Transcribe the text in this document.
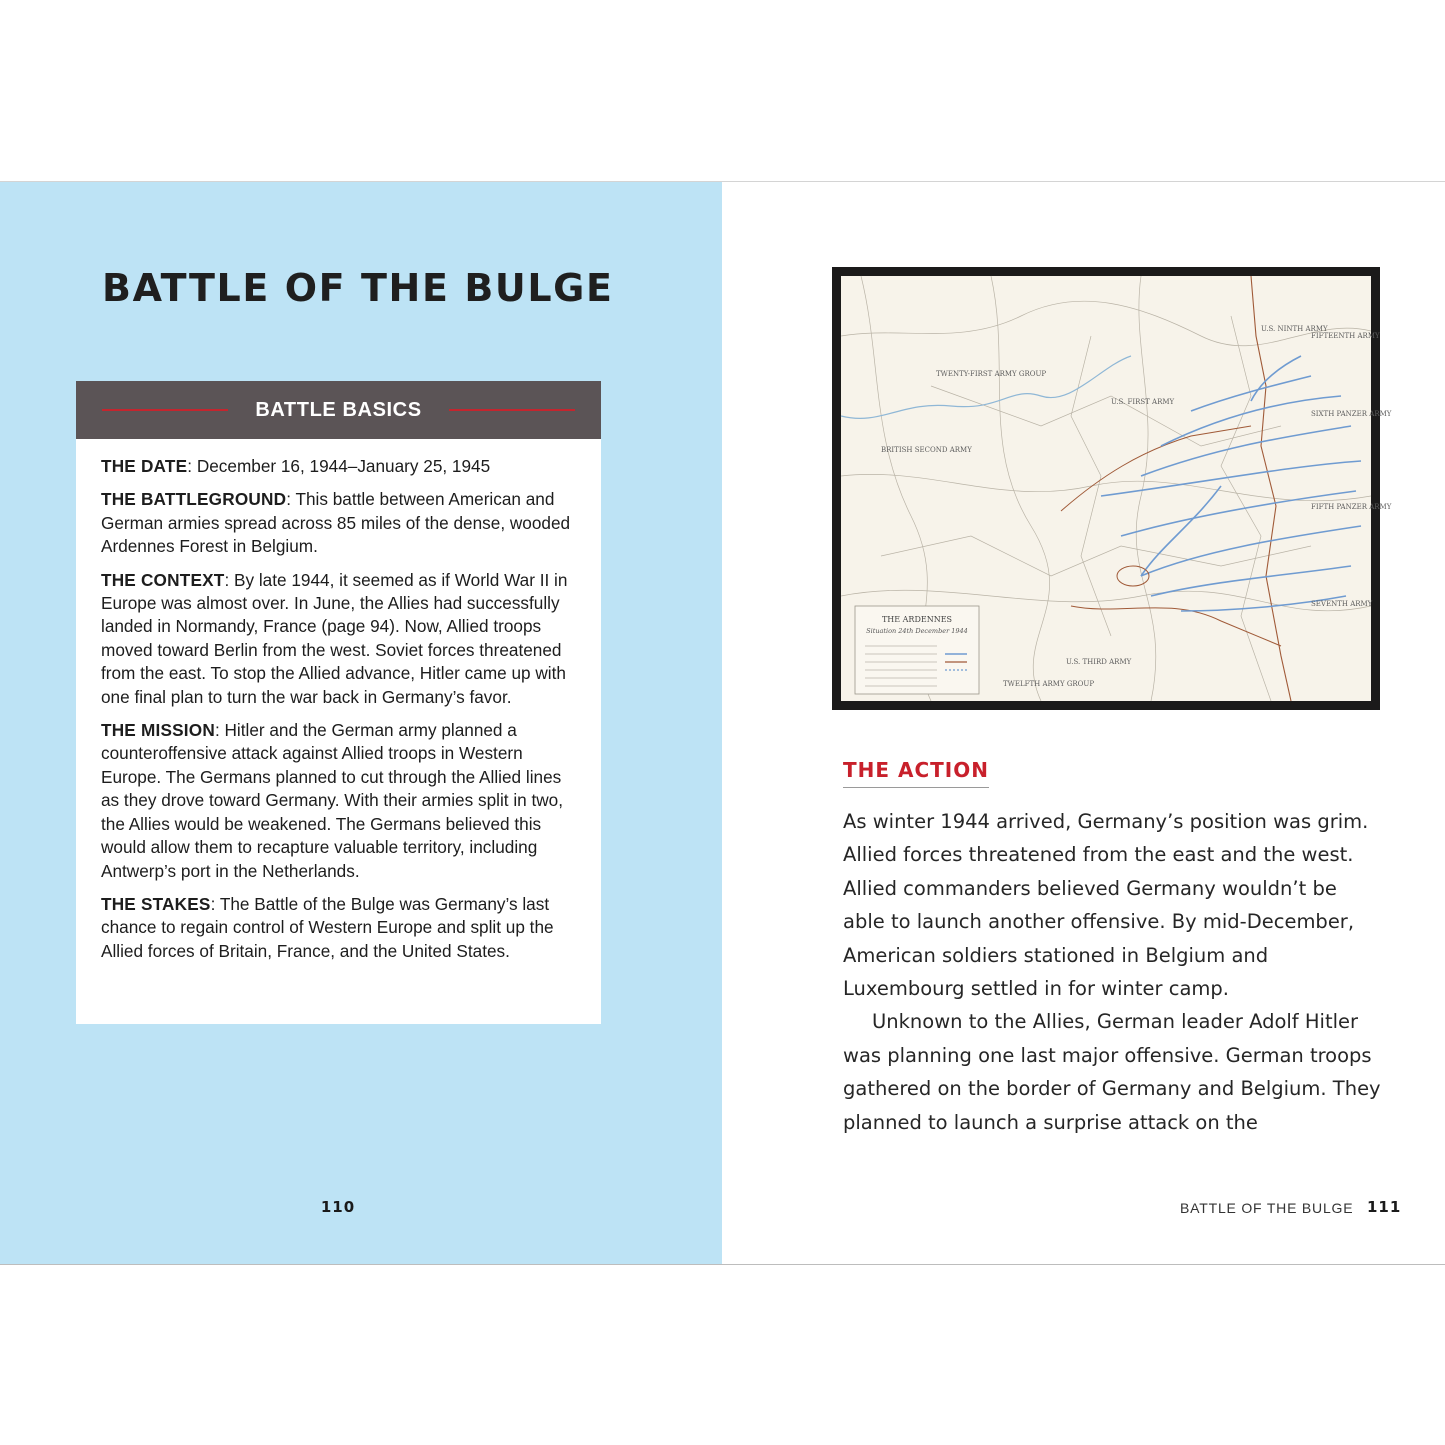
BATTLE OF THE BULGE
BATTLE BASICS

THE DATE: December 16, 1944–January 25, 1945

THE BATTLEGROUND: This battle between American and German armies spread across 85 miles of the dense, wooded Ardennes Forest in Belgium.

THE CONTEXT: By late 1944, it seemed as if World War II in Europe was almost over. In June, the Allies had successfully landed in Normandy, France (page 94). Now, Allied troops moved toward Berlin from the west. Soviet forces threatened from the east. To stop the Allied advance, Hitler came up with one final plan to turn the war back in Germany’s favor.

THE MISSION: Hitler and the German army planned a counteroffensive attack against Allied troops in Western Europe. The Germans planned to cut through the Allied lines as they drove toward Germany. With their armies split in two, the Allies would be weakened. The Germans believed this would allow them to recapture valuable territory, including Antwerp’s port in the Netherlands.

THE STAKES: The Battle of the Bulge was Germany’s last chance to regain control of Western Europe and split up the Allied forces of Britain, France, and the United States.

110
TWENTY-FIRST ARMY GROUP
U.S. FIRST ARMY
BRITISH SECOND ARMY
U.S. NINTH ARMY
FIFTEENTH ARMY
SIXTH PANZER ARMY
FIFTH PANZER ARMY
SEVENTH ARMY
U.S. THIRD ARMY
TWELFTH ARMY GROUP
THE ARDENNES
Situation 24th December 1944
THE ACTION

As winter 1944 arrived, Germany’s position was grim. Allied forces threatened from the east and the west. Allied commanders believed Germany wouldn’t be able to launch another offensive. By mid-December, American soldiers stationed in Belgium and Luxembourg settled in for winter camp.

Unknown to the Allies, German leader Adolf Hitler was planning one last major offensive. German troops gathered on the border of Germany and Belgium. They planned to launch a surprise attack on the

BATTLE OF THE BULGE 111
